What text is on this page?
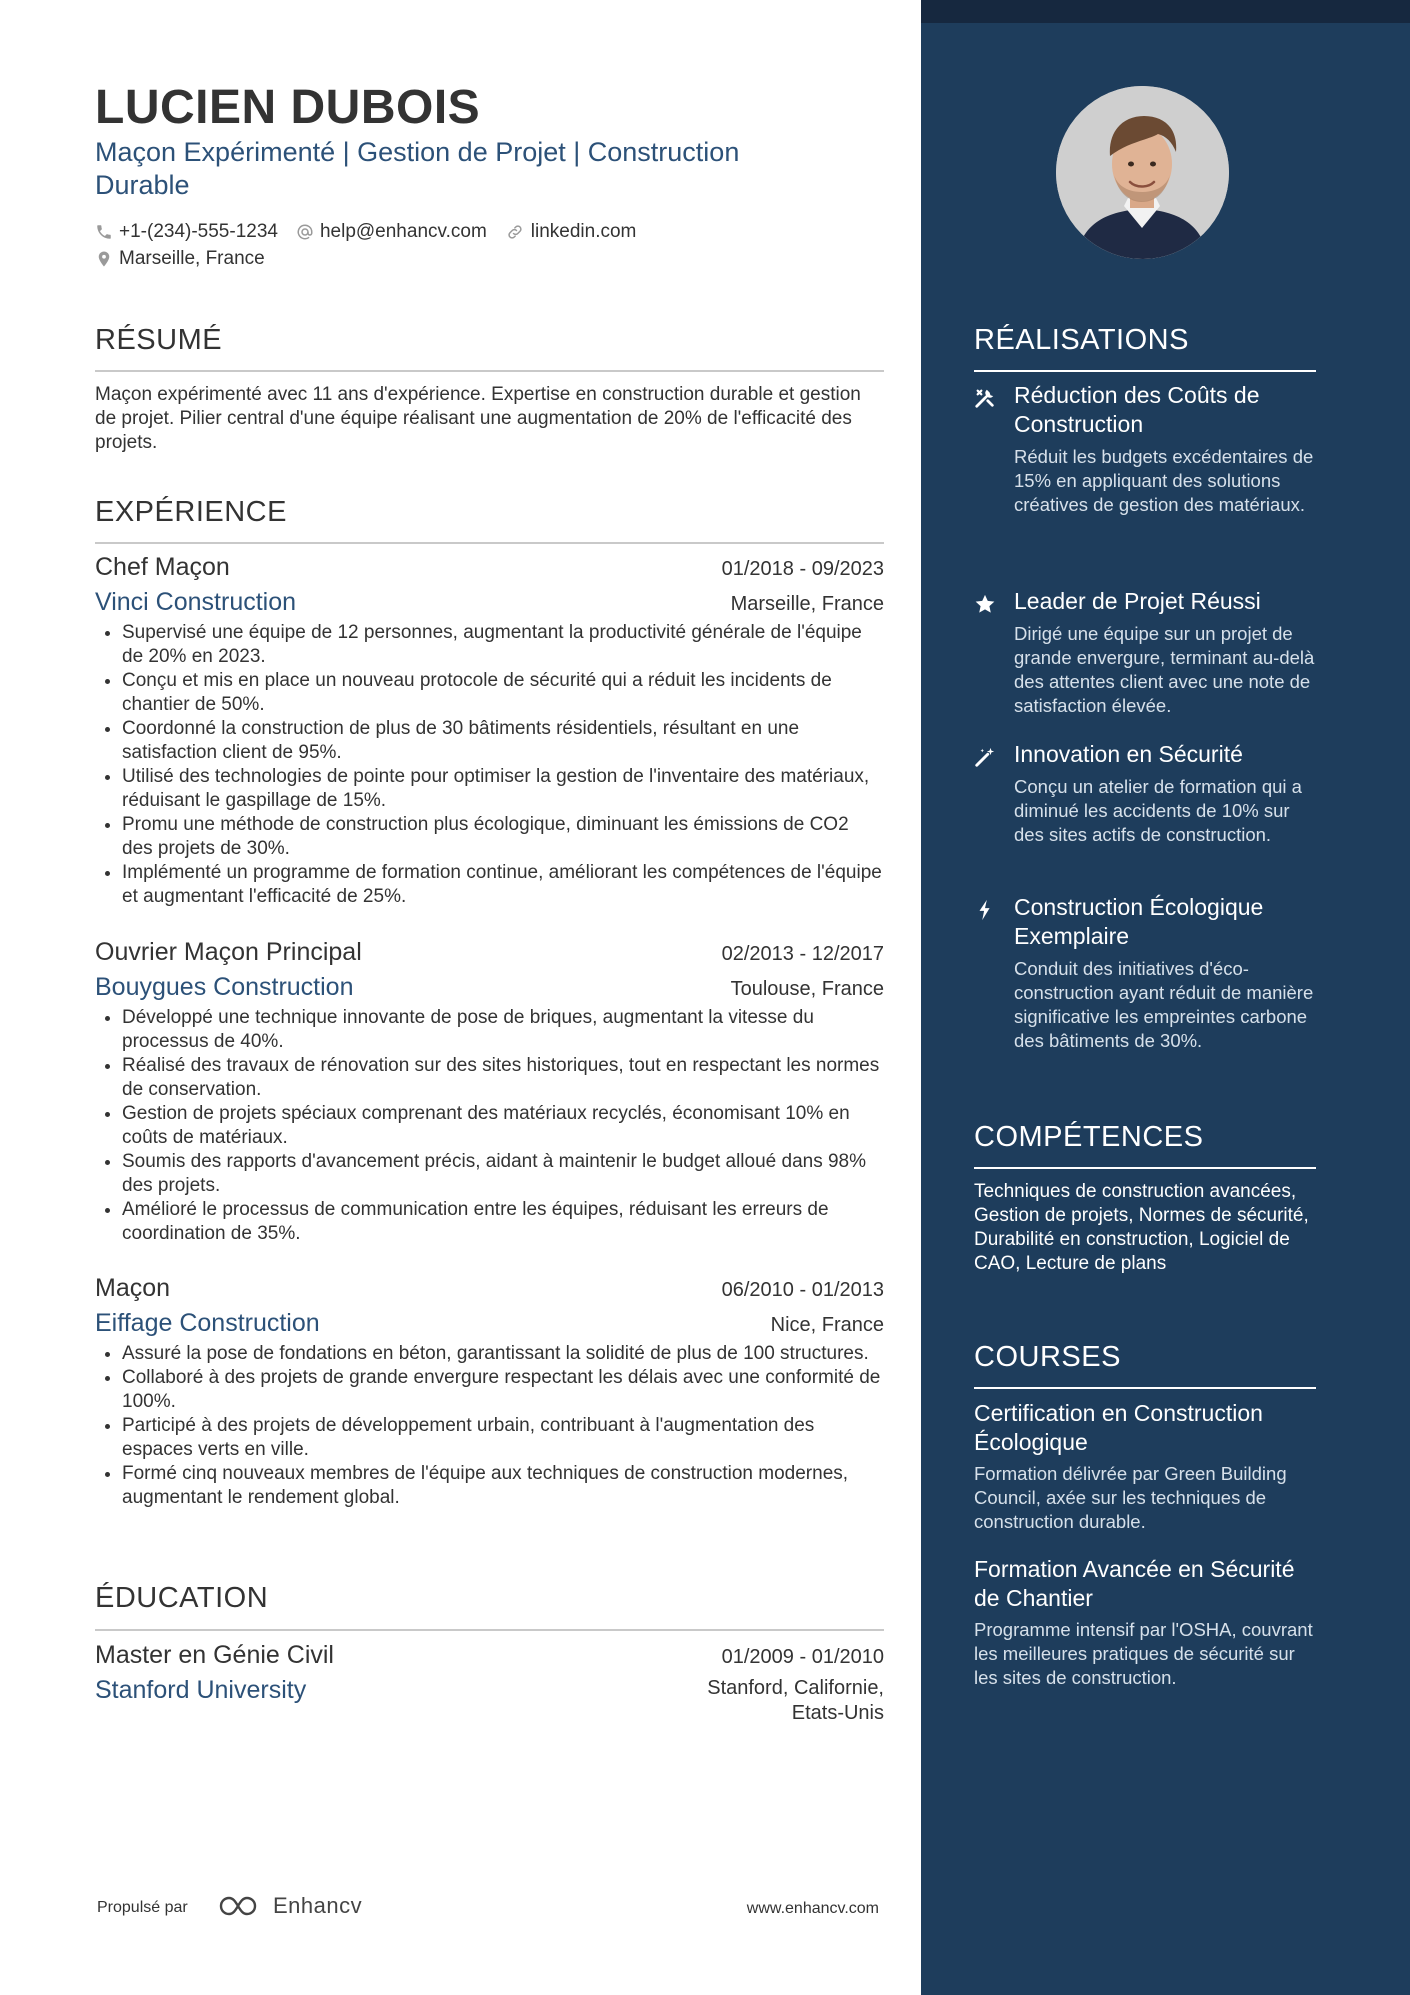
LUCIEN DUBOIS
Maçon Expérimenté | Gestion de Projet | Construction Durable
+1-(234)-555-1234 help@enhancv.com linkedin.com
Marseille, France
RÉSUMÉ
Maçon expérimenté avec 11 ans d'expérience. Expertise en construction durable et gestion de projet. Pilier central d'une équipe réalisant une augmentation de 20% de l'efficacité des projets.
EXPÉRIENCE
Chef Maçon	01/2018 - 09/2023
Vinci Construction	Marseille, France
• Supervisé une équipe de 12 personnes, augmentant la productivité générale de l'équipe de 20% en 2023.
• Conçu et mis en place un nouveau protocole de sécurité qui a réduit les incidents de chantier de 50%.
• Coordonné la construction de plus de 30 bâtiments résidentiels, résultant en une satisfaction client de 95%.
• Utilisé des technologies de pointe pour optimiser la gestion de l'inventaire des matériaux, réduisant le gaspillage de 15%.
• Promu une méthode de construction plus écologique, diminuant les émissions de CO2 des projets de 30%.
• Implémenté un programme de formation continue, améliorant les compétences de l'équipe et augmentant l'efficacité de 25%.
Ouvrier Maçon Principal	02/2013 - 12/2017
Bouygues Construction	Toulouse, France
• Développé une technique innovante de pose de briques, augmentant la vitesse du processus de 40%.
• Réalisé des travaux de rénovation sur des sites historiques, tout en respectant les normes de conservation.
• Gestion de projets spéciaux comprenant des matériaux recyclés, économisant 10% en coûts de matériaux.
• Soumis des rapports d'avancement précis, aidant à maintenir le budget alloué dans 98% des projets.
• Amélioré le processus de communication entre les équipes, réduisant les erreurs de coordination de 35%.
Maçon	06/2010 - 01/2013
Eiffage Construction	Nice, France
• Assuré la pose de fondations en béton, garantissant la solidité de plus de 100 structures.
• Collaboré à des projets de grande envergure respectant les délais avec une conformité de 100%.
• Participé à des projets de développement urbain, contribuant à l'augmentation des espaces verts en ville.
• Formé cinq nouveaux membres de l'équipe aux techniques de construction modernes, augmentant le rendement global.
ÉDUCATION
Master en Génie Civil	01/2009 - 01/2010
Stanford University	Stanford, Californie,
Etats-Unis
Propulsé par	Enhancv	www.enhancv.com
RÉALISATIONS
Réduction des Coûts de Construction
Réduit les budgets excédentaires de 15% en appliquant des solutions créatives de gestion des matériaux.
Leader de Projet Réussi
Dirigé une équipe sur un projet de grande envergure, terminant au-delà des attentes client avec une note de satisfaction élevée.
Innovation en Sécurité
Conçu un atelier de formation qui a diminué les accidents de 10% sur des sites actifs de construction.
Construction Écologique Exemplaire
Conduit des initiatives d'éco-construction ayant réduit de manière significative les empreintes carbone des bâtiments de 30%.
COMPÉTENCES
Techniques de construction avancées, Gestion de projets, Normes de sécurité, Durabilité en construction, Logiciel de CAO, Lecture de plans
COURSES
Certification en Construction Écologique
Formation délivrée par Green Building Council, axée sur les techniques de construction durable.
Formation Avancée en Sécurité de Chantier
Programme intensif par l'OSHA, couvrant les meilleures pratiques de sécurité sur les sites de construction.
